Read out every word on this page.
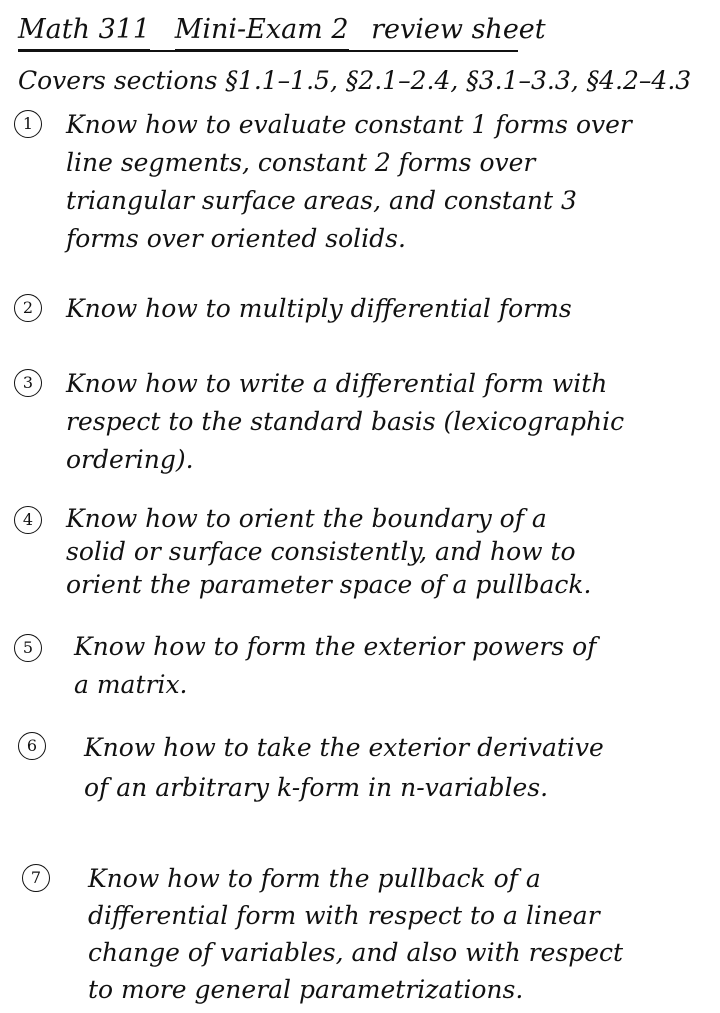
Math 311 Mini-Exam 2 review sheet
Covers sections §1.1–1.5, §2.1–2.4, §3.1–3.3, §4.2–4.3
1	Know how to evaluate constant 1 forms over
line segments, constant 2 forms over
triangular surface areas, and constant 3
forms over oriented solids.
2	Know how to multiply differential forms
3	Know how to write a differential form with
respect to the standard basis (lexicographic
ordering).
4	Know how to orient the boundary of a
solid or surface consistently, and how to
orient the parameter space of a pullback.
5	Know how to form the exterior powers of
a matrix.
6	Know how to take the exterior derivative
of an arbitrary k-form in n-variables.
7	Know how to form the pullback of a
differential form with respect to a linear
change of variables, and also with respect
to more general parametrizations.
